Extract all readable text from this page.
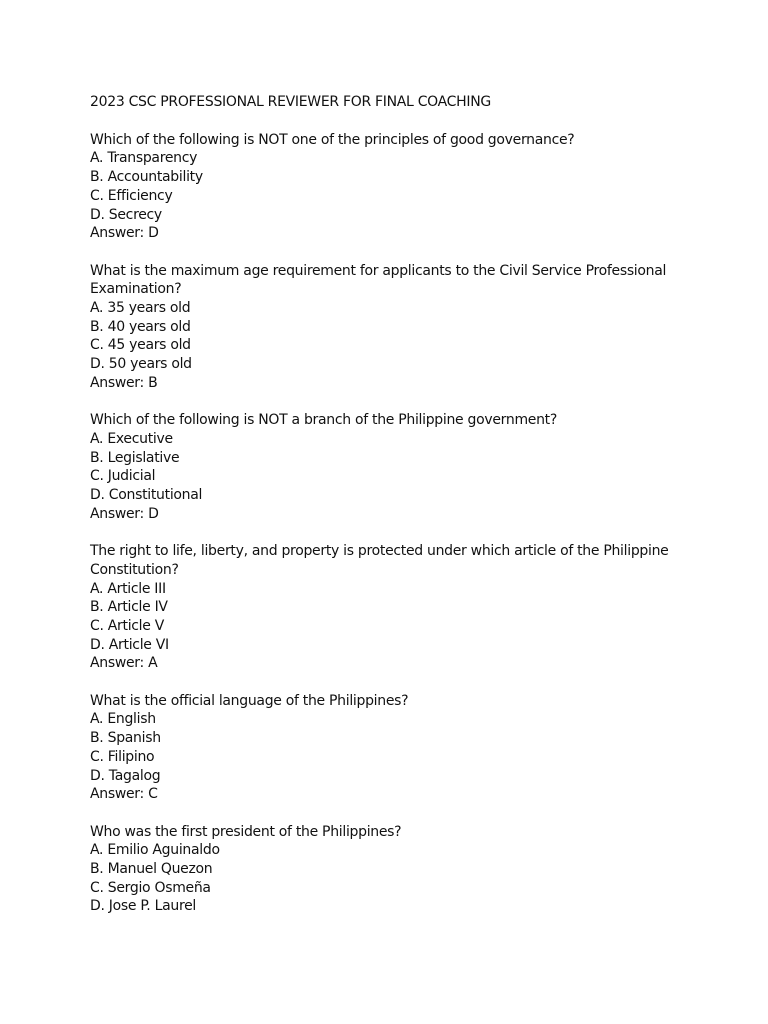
2023 CSC PROFESSIONAL REVIEWER FOR FINAL COACHING
Which of the following is NOT one of the principles of good governance?
A. Transparency
B. Accountability
C. Efficiency
D. Secrecy
Answer: D
What is the maximum age requirement for applicants to the Civil Service Professional
Examination?
A. 35 years old
B. 40 years old
C. 45 years old
D. 50 years old
Answer: B
Which of the following is NOT a branch of the Philippine government?
A. Executive
B. Legislative
C. Judicial
D. Constitutional
Answer: D
The right to life, liberty, and property is protected under which article of the Philippine
Constitution?
A. Article III
B. Article IV
C. Article V
D. Article VI
Answer: A
What is the official language of the Philippines?
A. English
B. Spanish
C. Filipino
D. Tagalog
Answer: C
Who was the first president of the Philippines?
A. Emilio Aguinaldo
B. Manuel Quezon
C. Sergio Osmeña
D. Jose P. Laurel
